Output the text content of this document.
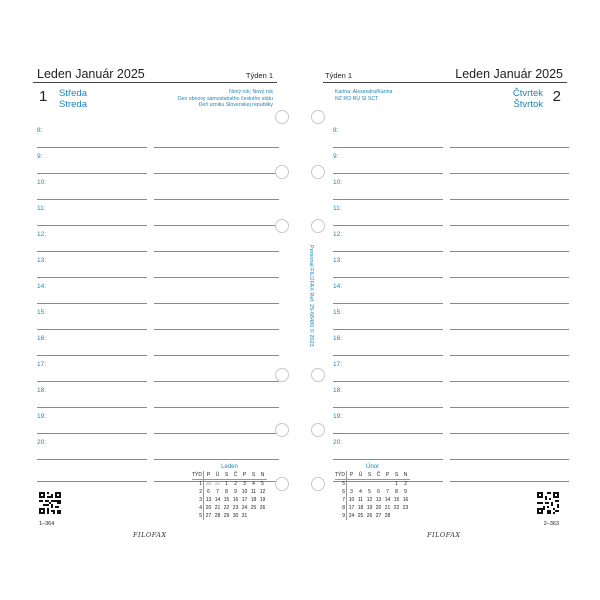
Leden Január 2025	Týden 1
1 Středa
Streda
Nový rok; Nový rok
Den obnovy samostatného českého státu
Deň vzniku Slovenskej republiky
8:
9:
10:
11:
12:
13:
14:
15:
16:
17:
18:
19:
20:
1–364
FILOFAX
Leden
TÝD	P	Ú	S	Č	P	S	N
1	30	31	1	2	3	4	5
2	6	7	8	9	10	11	12
3	13	14	15	16	17	18	19
4	20	21	22	23	24	25	26
5	27	28	29	30	31		
Týden 1	Leden Január 2025
Karina; Alexandra/Karina
NZ RO RU SI SCT	Čtvrtek
Štvrtok 2
8:
9:
10:
11:
12:
13:
14:
15:
16:
17:
18:
19:
20:
Únor
TÝD	P	Ú	S	Č	P	S	N
5						1	2
6	3	4	5	6	7	8	9
7	10	11	12	13	14	15	16
8	17	18	19	20	21	22	23
9	24	25	26	27	28		
FILOFAX
2–363
Personal FILOFAX Ref. 25-68480 © 2023
